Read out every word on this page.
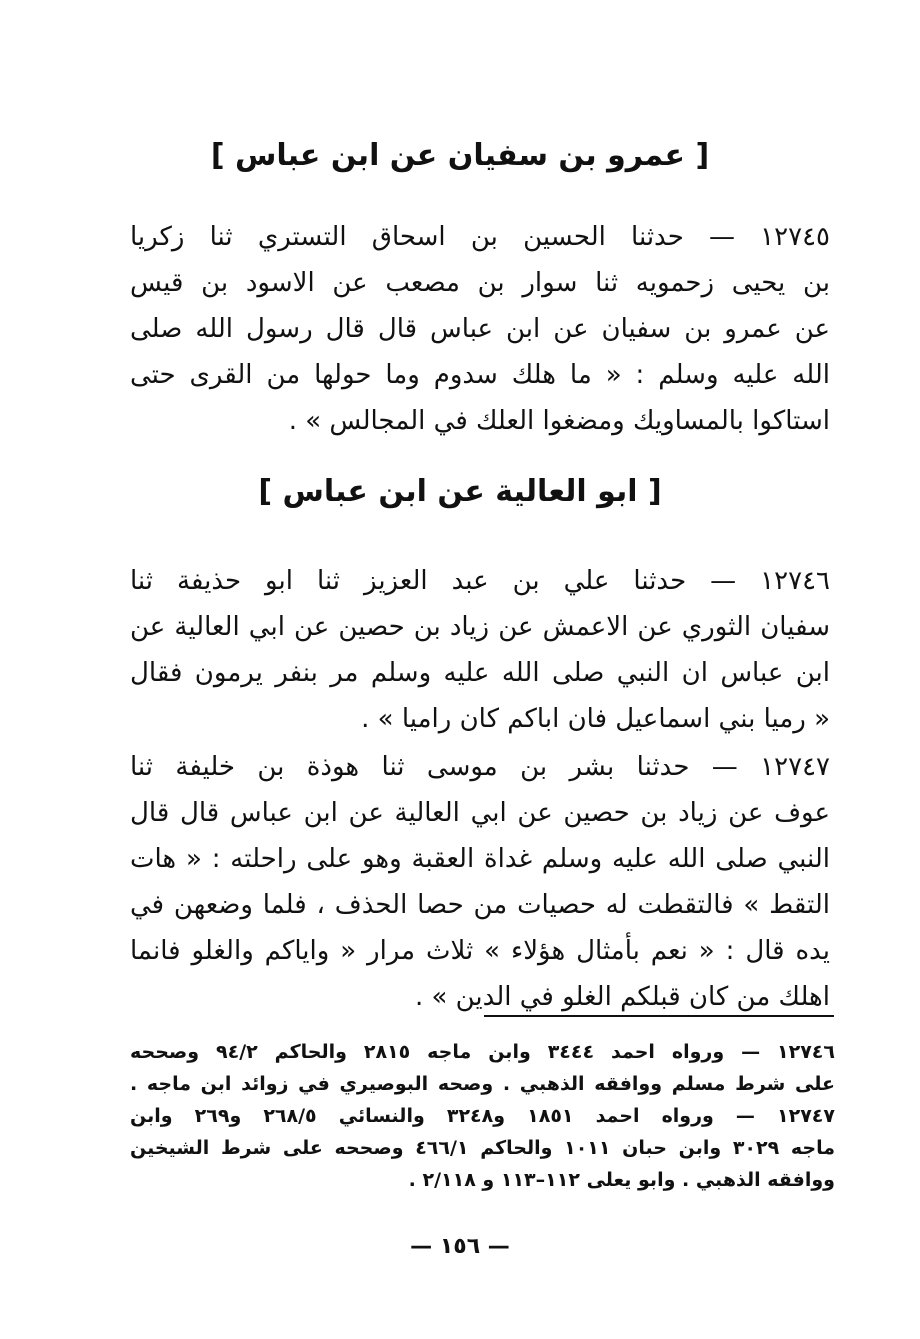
[ عمرو بن سفيان عن ابن عباس ]
١٢٧٤٥ — حدثنا الحسين بن اسحاق التستري ثنا زكريا
بن يحيى زحمويه ثنا سوار بن مصعب عن الاسود بن قيس
عن عمرو بن سفيان عن ابن عباس قال قال رسول الله صلى
الله عليه وسلم : « ما هلك سدوم وما حولها من القرى حتى
استاكوا بالمساويك ومضغوا العلك في المجالس » .
[ ابو العالية عن ابن عباس ]
١٢٧٤٦ — حدثنا علي بن عبد العزيز ثنا ابو حذيفة ثنا
سفيان الثوري عن الاعمش عن زياد بن حصين عن ابي العالية عن
ابن عباس ان النبي صلى الله عليه وسلم مر بنفر يرمون فقال
« رميا بني اسماعيل فان اباكم كان راميا » .
١٢٧٤٧ — حدثنا بشر بن موسى ثنا هوذة بن خليفة ثنا
عوف عن زياد بن حصين عن ابي العالية عن ابن عباس قال قال
النبي صلى الله عليه وسلم غداة العقبة وهو على راحلته : « هات
التقط » فالتقطت له حصيات من حصا الحذف ، فلما وضعهن في
يده قال : « نعم بأمثال هؤلاء » ثلاث مرار « واياكم والغلو فانما
اهلك من كان قبلكم الغلو في الدين » .
١٢٧٤٦ — ورواه احمد ٣٤٤٤ وابن ماجه ٢٨١٥ والحاكم ٩٤/٢ وصححه
على شرط مسلم ووافقه الذهبي . وصحه البوصيري في زوائد ابن ماجه .
١٢٧٤٧ — ورواه احمد ١٨٥١ و٣٢٤٨ والنسائي ٢٦٨/٥ و٢٦٩ وابن
ماجه ٣٠٢٩ وابن حبان ١٠١١ والحاكم ٤٦٦/١ وصححه على شرط الشيخين
ووافقه الذهبي . وابو يعلى ١١٢–١١٣ و ٢/١١٨ .
— ١٥٦ —
